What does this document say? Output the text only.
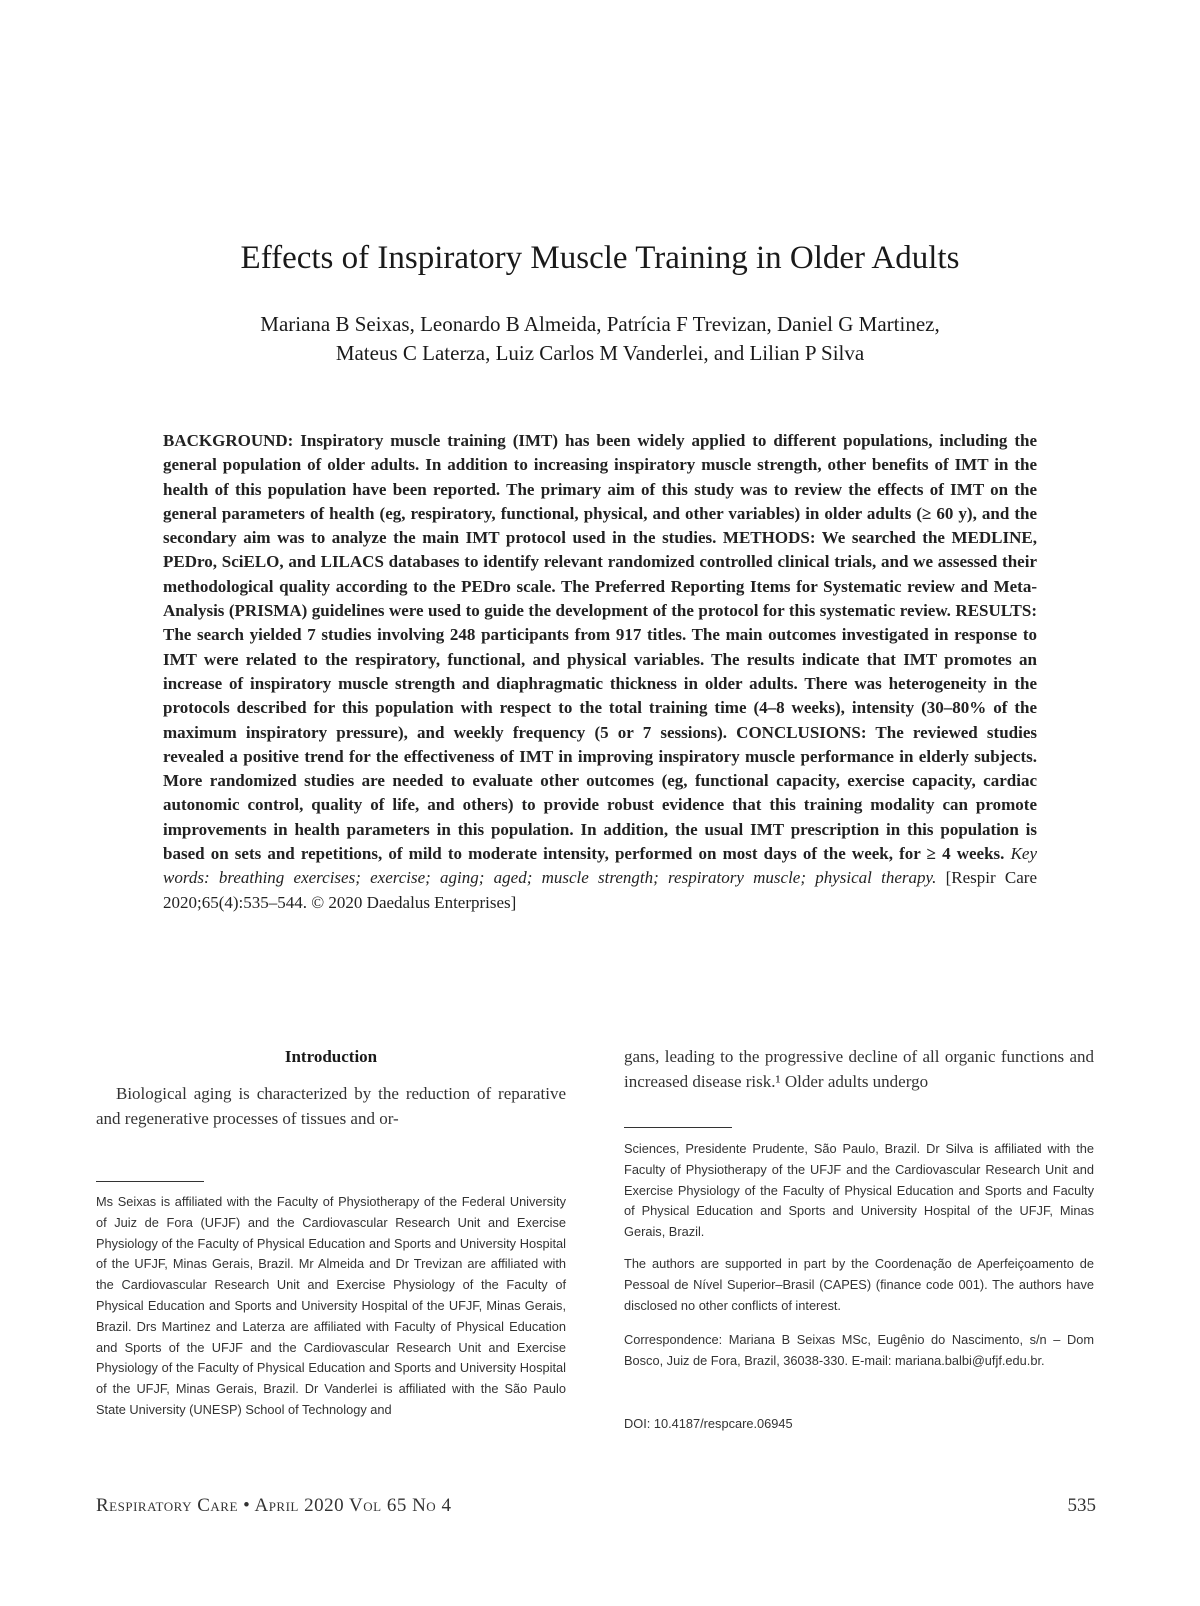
Effects of Inspiratory Muscle Training in Older Adults
Mariana B Seixas, Leonardo B Almeida, Patrícia F Trevizan, Daniel G Martinez,
Mateus C Laterza, Luiz Carlos M Vanderlei, and Lilian P Silva
BACKGROUND: Inspiratory muscle training (IMT) has been widely applied to different populations, including the general population of older adults. In addition to increasing inspiratory muscle strength, other benefits of IMT in the health of this population have been reported. The primary aim of this study was to review the effects of IMT on the general parameters of health (eg, respiratory, functional, physical, and other variables) in older adults (≥ 60 y), and the secondary aim was to analyze the main IMT protocol used in the studies. METHODS: We searched the MEDLINE, PEDro, SciELO, and LILACS databases to identify relevant randomized controlled clinical trials, and we assessed their methodological quality according to the PEDro scale. The Preferred Reporting Items for Systematic review and Meta-Analysis (PRISMA) guidelines were used to guide the development of the protocol for this systematic review. RESULTS: The search yielded 7 studies involving 248 participants from 917 titles. The main outcomes investigated in response to IMT were related to the respiratory, functional, and physical variables. The results indicate that IMT promotes an increase of inspiratory muscle strength and diaphragmatic thickness in older adults. There was heterogeneity in the protocols described for this population with respect to the total training time (4–8 weeks), intensity (30–80% of the maximum inspiratory pressure), and weekly frequency (5 or 7 sessions). CONCLUSIONS: The reviewed studies revealed a positive trend for the effectiveness of IMT in improving inspiratory muscle performance in elderly subjects. More randomized studies are needed to evaluate other outcomes (eg, functional capacity, exercise capacity, cardiac autonomic control, quality of life, and others) to provide robust evidence that this training modality can promote improvements in health parameters in this population. In addition, the usual IMT prescription in this population is based on sets and repetitions, of mild to moderate intensity, performed on most days of the week, for ≥ 4 weeks. Key words: breathing exercises; exercise; aging; aged; muscle strength; respiratory muscle; physical therapy. [Respir Care 2020;65(4):535–544. © 2020 Daedalus Enterprises]
Introduction
Biological aging is characterized by the reduction of reparative and regenerative processes of tissues and or-
gans, leading to the progressive decline of all organic functions and increased disease risk.¹ Older adults undergo
Ms Seixas is affiliated with the Faculty of Physiotherapy of the Federal University of Juiz de Fora (UFJF) and the Cardiovascular Research Unit and Exercise Physiology of the Faculty of Physical Education and Sports and University Hospital of the UFJF, Minas Gerais, Brazil. Mr Almeida and Dr Trevizan are affiliated with the Cardiovascular Research Unit and Exercise Physiology of the Faculty of Physical Education and Sports and University Hospital of the UFJF, Minas Gerais, Brazil. Drs Martinez and Laterza are affiliated with Faculty of Physical Education and Sports of the UFJF and the Cardiovascular Research Unit and Exercise Physiology of the Faculty of Physical Education and Sports and University Hospital of the UFJF, Minas Gerais, Brazil. Dr Vanderlei is affiliated with the São Paulo State University (UNESP) School of Technology and
Sciences, Presidente Prudente, São Paulo, Brazil. Dr Silva is affiliated with the Faculty of Physiotherapy of the UFJF and the Cardiovascular Research Unit and Exercise Physiology of the Faculty of Physical Education and Sports and Faculty of Physical Education and Sports and University Hospital of the UFJF, Minas Gerais, Brazil.
The authors are supported in part by the Coordenação de Aperfeiçoamento de Pessoal de Nível Superior–Brasil (CAPES) (finance code 001). The authors have disclosed no other conflicts of interest.
Correspondence: Mariana B Seixas MSc, Eugênio do Nascimento, s/n – Dom Bosco, Juiz de Fora, Brazil, 36038-330. E-mail: mariana.balbi@ufjf.edu.br.
DOI: 10.4187/respcare.06945
Respiratory Care • April 2020 Vol 65 No 4	535
